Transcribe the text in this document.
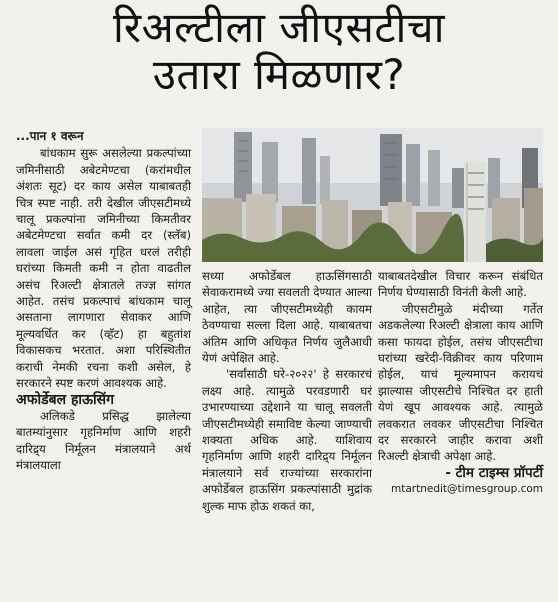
रिअल्टीला जीएसटीचा
उतारा मिळणार?

...पान १ वरून

बांधकाम सुरू असलेल्या प्रकल्पांच्या जमिनीसाठी अबेटमेण्टचा (करांमधील अंशतः सूट) दर काय असेल याबाबतही चित्र स्पष्ट नाही. तरी देखील जीएसटीमध्ये चालू प्रकल्पांना जमिनीच्या किमतीवर अबेटमेण्टचा सर्वात कमी दर (स्लॅब) लावला जाईल असं गृहित धरलं तरीही घरांच्या किमती कमी न होता वाढतील असंच रिअल्टी क्षेत्रातले तज्ज्ञ सांगत आहेत. तसंच प्रकल्पाचं बांधकाम चालू असताना लागणारा सेवाकर आणि मूल्यवर्धित कर (व्हॅट) हा बहुतांश विकासकच भरतात. अशा परिस्थितीत कराची नेमकी रचना कशी असेल, हे सरकारने स्पष्ट करणं आवश्यक आहे.

अफोर्डेबल हाऊसिंग

अलिकडे प्रसिद्ध झालेल्या बातम्यांनुसार गृहनिर्माण आणि शहरी दारिद्र्य निर्मूलन मंत्रालयाने अर्थ मंत्रालयाला

सध्या अफोर्डेबल हाऊसिंगसाठी सेवाकरामध्ये ज्या सवलती देण्यात आल्या आहेत, त्या जीएसटीमध्येही कायम ठेवण्याचा सल्ला दिला आहे. याबाबतचा अंतिम आणि अधिकृत निर्णय जुलैआधी येणं अपेक्षित आहे.

'सर्वांसाठी घरे-२०२२' हे सरकारचं लक्ष्य आहे. त्यामुळे परवडणारी घरं उभारण्याच्या उद्देशाने या चालू सवलती जीएसटीमध्येही समाविष्ट केल्या जाण्याची शक्यता अधिक आहे. याशिवाय गृहनिर्माण आणि शहरी दारिद्र्य निर्मूलन मंत्रालयाने सर्व राज्यांच्या सरकारांना अफोर्डेबल हाऊसिंग प्रकल्पांसाठी मुद्रांक शुल्क माफ होऊ शकतं का,

याबाबतदेखील विचार करून संबंधित निर्णय घेण्यासाठी विनंती केली आहे.

जीएसटीमुळे मंदीच्या गर्तेत अडकलेल्या रिअल्टी क्षेत्राला काय आणि कसा फायदा होईल, तसंच जीएसटीचा घरांच्या खरेदी-विक्रीवर काय परिणाम होईल, याचं मूल्यमापन करायचं झाल्यास जीएसटीचे निश्चित दर हाती येणं खूप आवश्यक आहे. त्यामुळे लवकरात लवकर जीएसटीचा निश्चित दर सरकारने जाहीर करावा अशी रिअल्टी क्षेत्राची अपेक्षा आहे.

- टीम टाइम्स प्रॉपर्टी

mtartnedit@timesgroup.com
